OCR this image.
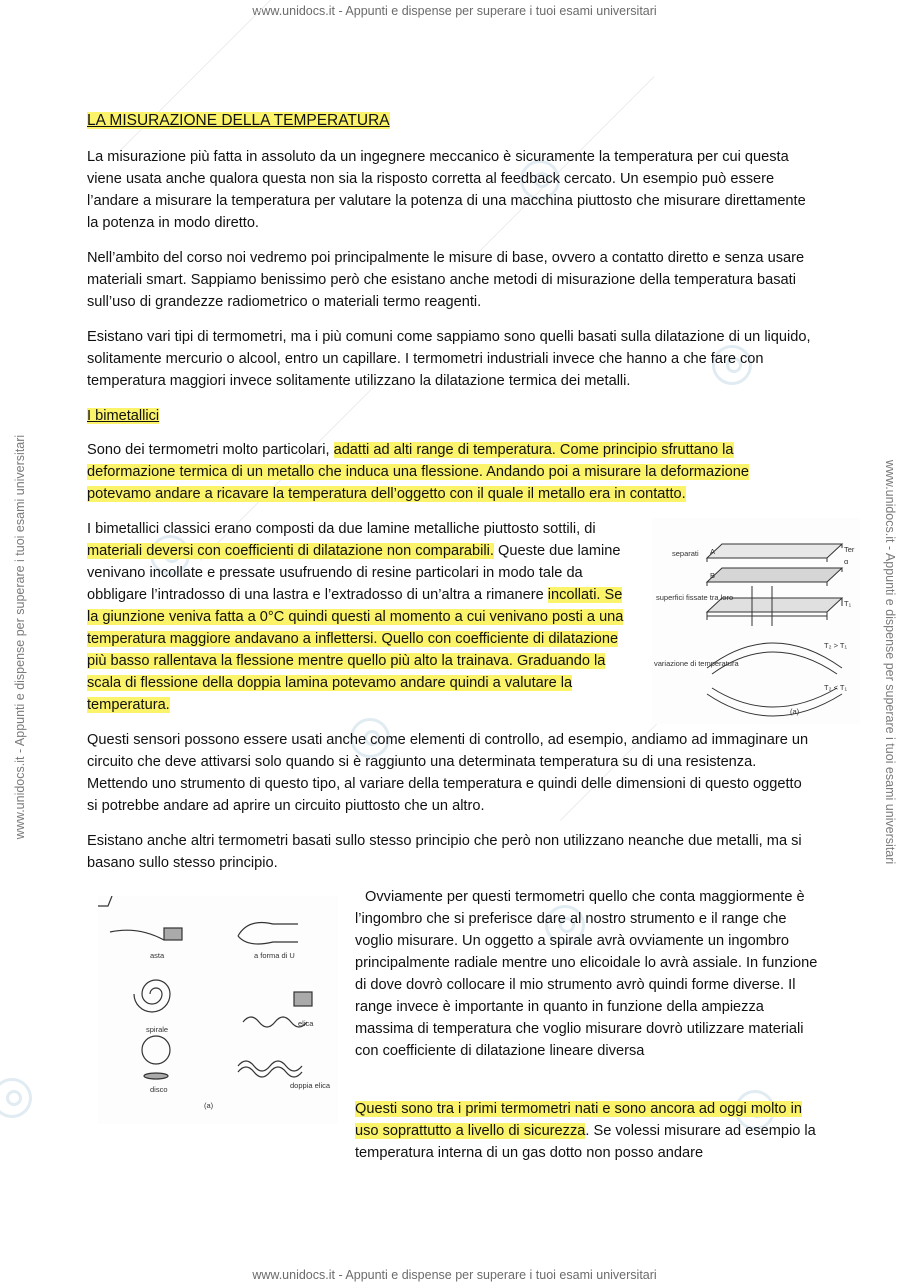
www.unidocs.it - Appunti e dispense per superare i tuoi esami universitari
www.unidocs.it - Appunti e dispense per superare i tuoi esami universitari
www.unidocs.it - Appunti e dispense per superare i tuoi esami universitari	www.unidocs.it - Appunti e dispense per superare i tuoi esami universitari
LA MISURAZIONE DELLA TEMPERATURA

La misurazione più fatta in assoluto da un ingegnere meccanico è sicuramente la temperatura per cui questa viene usata anche qualora questa non sia la risposto corretta al feedback cercato. Un esempio può essere l’andare a misurare la temperatura per valutare la potenza di una macchina piuttosto che misurare direttamente la potenza in modo diretto.

Nell’ambito del corso noi vedremo poi principalmente le misure di base, ovvero a contatto diretto e senza usare materiali smart. Sappiamo benissimo però che esistano anche metodi di misurazione della temperatura basati sull’uso di grandezze radiometrico o materiali termo reagenti.

Esistano vari tipi di termometri, ma i più comuni come sappiamo sono quelli basati sulla dilatazione di un liquido, solitamente mercurio o alcool, entro un capillare. I termometri industriali invece che hanno a che fare con temperatura maggiori invece solitamente utilizzano la dilatazione termica dei metalli.

I bimetallici

Sono dei termometri molto particolari, adatti ad alti range di temperatura. Come principio sfruttano la deformazione termica di un metallo che induca una flessione. Andando poi a misurare la deformazione potevamo andare a ricavare la temperatura dell’oggetto con il quale il metallo era in contatto.

I bimetallici classici erano composti da due lamine metalliche piuttosto sottili, di materiali deversi con coefficienti di dilatazione non comparabili. Queste due lamine venivano incollate e pressate usufruendo di resine particolari in modo tale da obbligare l’intradosso di una lastra e l’extradosso di un’altra a rimanere incollati. Se la giunzione veniva fatta a 0°C quindi questi al momento a cui venivano posti a una temperatura maggiore andavano a inflettersi. Quello con coefficiente di dilatazione più basso rallentava la flessione mentre quello più alto la trainava. Graduando la scala di flessione della doppia lamina potevamo andare quindi a valutare la temperatura.

separati
superfici fissate tra loro
variazione di temperatura
A
B
Ter
α
T₁
T₂ > T₁
T₂ < T₁
(a)

Questi sensori possono essere usati anche come elementi di controllo, ad esempio, andiamo ad immaginare un circuito che deve attivarsi solo quando si è raggiunto una determinata temperatura su di una resistenza. Mettendo uno strumento di questo tipo, al variare della temperatura e quindi delle dimensioni di questo oggetto si potrebbe andare ad aprire un circuito piuttosto che un altro.

Esistano anche altri termometri basati sullo stesso principio che però non utilizzano neanche due metalli, ma si basano sullo stesso principio.

asta	a forma di U
spirale
elica
doppia elica
disco
(a)

Ovviamente per questi termometri quello che conta maggiormente è l’ingombro che si preferisce dare al nostro strumento e il range che voglio misurare. Un oggetto a spirale avrà ovviamente un ingombro principalmente radiale mentre uno elicoidale lo avrà assiale. In funzione di dove dovrò collocare il mio strumento avrò quindi forme diverse. Il range invece è importante in quanto in funzione della ampiezza massima di temperatura che voglio misurare dovrò utilizzare materiali con coefficiente di dilatazione lineare diversa

Questi sono tra i primi termometri nati e sono ancora ad oggi molto in uso soprattutto a livello di sicurezza. Se volessi misurare ad esempio la temperatura interna di un gas dotto non posso andare
